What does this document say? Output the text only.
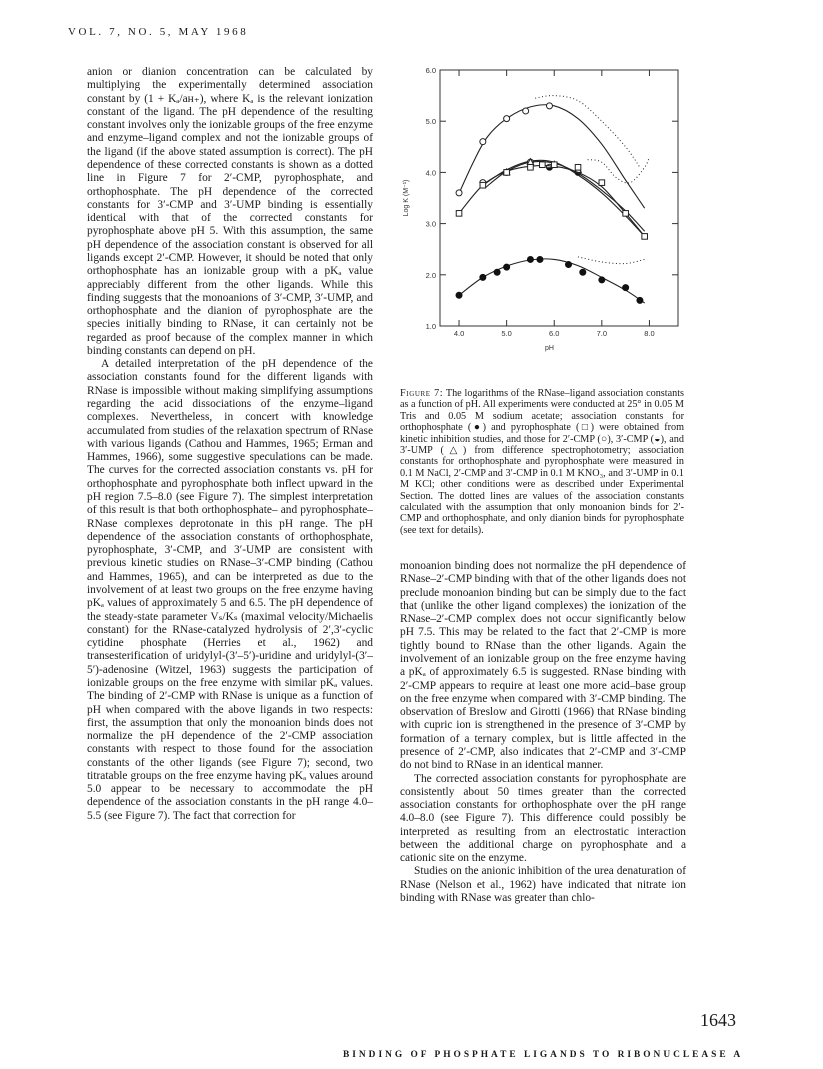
VOL. 7, NO. 5, MAY 1968

anion or dianion concentration can be calculated by multiplying the experimentally determined association constant by (1 + Kₐ/aʜ₊), where Kₐ is the relevant ionization constant of the ligand. The pH dependence of the resulting constant involves only the ionizable groups of the free enzyme and enzyme–ligand complex and not the ionizable groups of the ligand (if the above stated assumption is correct). The pH dependence of these corrected constants is shown as a dotted line in Figure 7 for 2′-CMP, pyrophosphate, and orthophosphate. The pH dependence of the corrected constants for 3′-CMP and 3′-UMP binding is essentially identical with that of the corrected constants for pyrophosphate above pH 5. With this assumption, the same pH dependence of the association constant is observed for all ligands except 2′-CMP. However, it should be noted that only orthophosphate has an ionizable group with a pKₐ value appreciably different from the other ligands. While this finding suggests that the monoanions of 3′-CMP, 3′-UMP, and orthophosphate and the dianion of pyrophosphate are the species initially binding to RNase, it can certainly not be regarded as proof because of the complex manner in which binding constants can depend on pH.

A detailed interpretation of the pH dependence of the association constants found for the different ligands with RNase is impossible without making simplifying assumptions regarding the acid dissociations of the enzyme–ligand complexes. Nevertheless, in concert with knowledge accumulated from studies of the relaxation spectrum of RNase with various ligands (Cathou and Hammes, 1965; Erman and Hammes, 1966), some suggestive speculations can be made. The curves for the corrected association constants vs. pH for orthophosphate and pyrophosphate both inflect upward in the pH region 7.5–8.0 (see Figure 7). The simplest interpretation of this result is that both orthophosphate– and pyrophosphate–RNase complexes deprotonate in this pH range. The pH dependence of the association constants of orthophosphate, pyrophosphate, 3′-CMP, and 3′-UMP are consistent with previous kinetic studies on RNase–3′-CMP binding (Cathou and Hammes, 1965), and can be interpreted as due to the involvement of at least two groups on the free enzyme having pKₐ values of approximately 5 and 6.5. The pH dependence of the steady-state parameter Vₛ/Kₛ (maximal velocity/Michaelis constant) for the RNase-catalyzed hydrolysis of 2′,3′-cyclic cytidine phosphate (Herries et al., 1962) and transesterification of uridylyl-(3′–5′)-uridine and uridylyl-(3′–5′)-adenosine (Witzel, 1963) suggests the participation of ionizable groups on the free enzyme with similar pKₐ values. The binding of 2′-CMP with RNase is unique as a function of pH when compared with the above ligands in two respects: first, the assumption that only the monoanion binds does not normalize the pH dependence of the 2′-CMP association constants with respect to those found for the association constants of the other ligands (see Figure 7); second, two titratable groups on the free enzyme having pKₐ values around 5.0 appear to be necessary to accommodate the pH dependence of the association constants in the pH range 4.0–5.5 (see Figure 7). The fact that correction for

4.0	5.0	6.0	7.0	8.0
1.0
2.0
3.0
4.0
5.0
6.0
pH
Log K (M⁻¹)
Figure 7: The logarithms of the RNase–ligand association constants as a function of pH. All experiments were conducted at 25° in 0.05 M Tris and 0.05 M sodium acetate; association constants for orthophosphate (●) and pyrophosphate (□) were obtained from kinetic inhibition studies, and those for 2′-CMP (○), 3′-CMP (◒), and 3′-UMP (△) from difference spectrophotometry; association constants for orthophosphate and pyrophosphate were measured in 0.1 M NaCl, 2′-CMP and 3′-CMP in 0.1 M KNO₃, and 3′-UMP in 0.1 M KCl; other conditions were as described under Experimental Section. The dotted lines are values of the association constants calculated with the assumption that only monoanion binds for 2′-CMP and orthophosphate, and only dianion binds for pyrophosphate (see text for details).

monoanion binding does not normalize the pH dependence of RNase–2′-CMP binding with that of the other ligands does not preclude monoanion binding but can be simply due to the fact that (unlike the other ligand complexes) the ionization of the RNase–2′-CMP complex does not occur significantly below pH 7.5. This may be related to the fact that 2′-CMP is more tightly bound to RNase than the other ligands. Again the involvement of an ionizable group on the free enzyme having a pKₐ of approximately 6.5 is suggested. RNase binding with 2′-CMP appears to require at least one more acid–base group on the free enzyme when compared with 3′-CMP binding. The observation of Breslow and Girotti (1966) that RNase binding with cupric ion is strengthened in the presence of 3′-CMP by formation of a ternary complex, but is little affected in the presence of 2′-CMP, also indicates that 2′-CMP and 3′-CMP do not bind to RNase in an identical manner.

The corrected association constants for pyrophosphate are consistently about 50 times greater than the corrected association constants for orthophosphate over the pH range 4.0–8.0 (see Figure 7). This difference could possibly be interpreted as resulting from an electrostatic interaction between the additional charge on pyrophosphate and a cationic site on the enzyme.

Studies on the anionic inhibition of the urea denaturation of RNase (Nelson et al., 1962) have indicated that nitrate ion binding with RNase was greater than chlo-

1643
BINDING OF PHOSPHATE LIGANDS TO RIBONUCLEASE A
